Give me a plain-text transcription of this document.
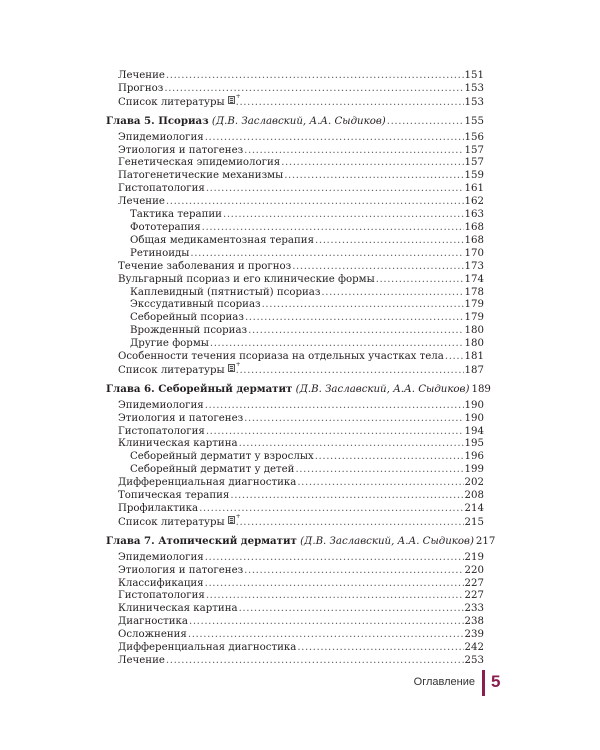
Лечение .....	151
Прогноз .....	153
Список литературы + .....	153
Глава 5. Псориаз (Д.В. Заславский, А.А. Сыдиков) .....	155
Эпидемиология .....	156
Этиология и патогенез .....	157
Генетическая эпидемиология .....	157
Патогенетические механизмы .....	159
Гистопатология .....	161
Лечение .....	162
Тактика терапии .....	163
Фототерапия .....	168
Общая медикаментозная терапия .....	168
Ретиноиды .....	170
Течение заболевания и прогноз .....	173
Вульгарный псориаз и его клинические формы .....	174
Каплевидный (пятнистый) псориаз .....	178
Экссудативный псориаз .....	179
Себорейный псориаз .....	179
Врожденный псориаз .....	180
Другие формы .....	180
Особенности течения псориаза на отдельных участках тела ..... 181
Список литературы + .....	187
Глава 6. Себорейный дерматит (Д.В. Заславский, А.А. Сыдиков) 189
Эпидемиология .....	190
Этиология и патогенез .....	190
Гистопатология .....	194
Клиническая картина .....	195
Себорейный дерматит у взрослых .....	196
Себорейный дерматит у детей .....	199
Дифференциальная диагностика .....	202
Топическая терапия .....	208
Профилактика .....	214
Список литературы + .....	215
Глава 7. Атопический дерматит (Д.В. Заславский, А.А. Сыдиков) 217
Эпидемиология .....	219
Этиология и патогенез .....	220
Классификация .....	227
Гистопатология .....	227
Клиническая картина .....	233
Диагностика .....	238
Осложнения .....	239
Дифференциальная диагностика .....	242
Лечение .....	253
Оглавление 5
